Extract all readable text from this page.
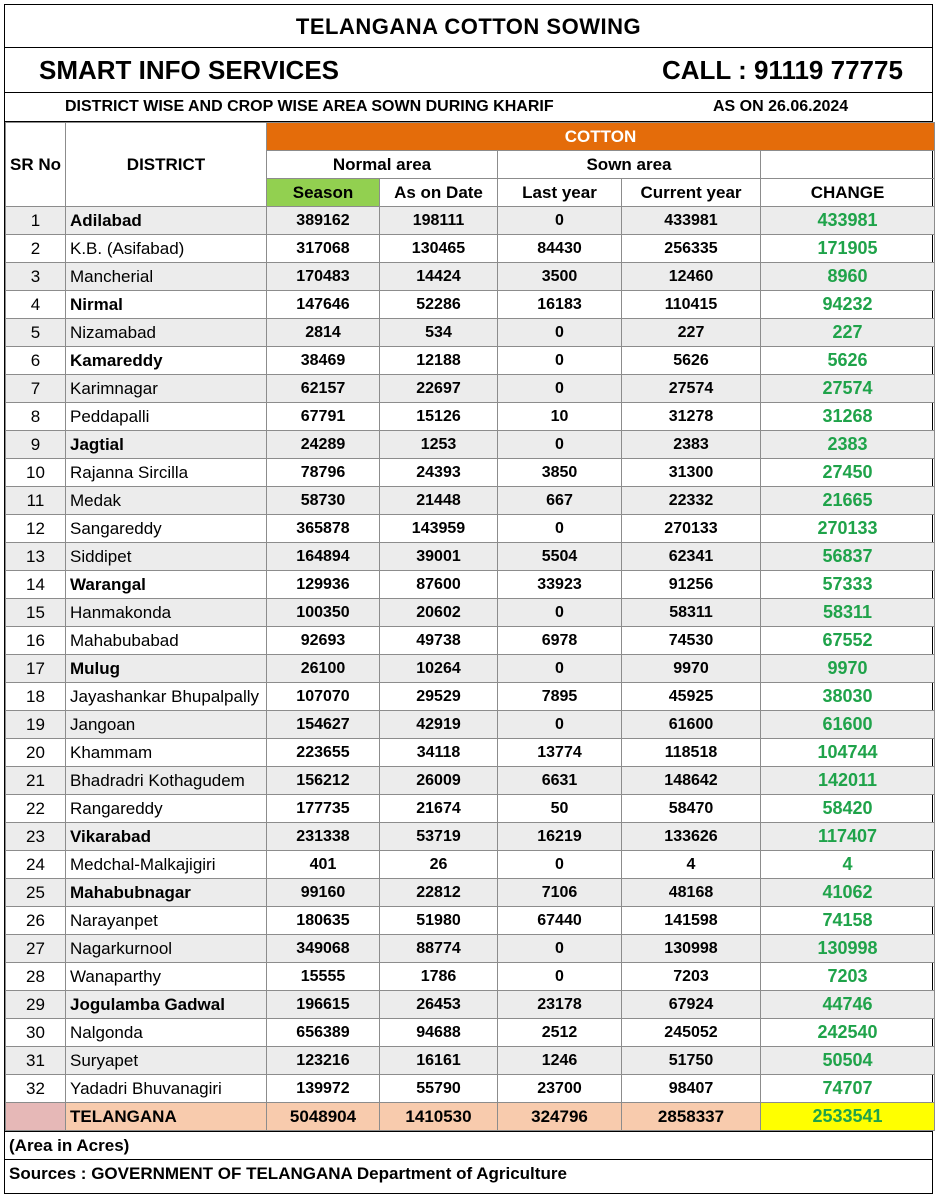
TELANGANA COTTON SOWING
SMART INFO SERVICES	CALL : 91119 77775
DISTRICT WISE AND CROP WISE AREA SOWN DURING KHARIF	AS ON 26.06.2024
SR No	DISTRICT	COTTON				
		Normal area		Sown area		
		Season	As on Date	Last year	Current year	CHANGE
1	Adilabad	389162	198111	0	433981	433981
2	K.B. (Asifabad)	317068	130465	84430	256335	171905
3	Mancherial	170483	14424	3500	12460	8960
4	Nirmal	147646	52286	16183	110415	94232
5	Nizamabad	2814	534	0	227	227
6	Kamareddy	38469	12188	0	5626	5626
7	Karimnagar	62157	22697	0	27574	27574
8	Peddapalli	67791	15126	10	31278	31268
9	Jagtial	24289	1253	0	2383	2383
10	Rajanna Sircilla	78796	24393	3850	31300	27450
11	Medak	58730	21448	667	22332	21665
12	Sangareddy	365878	143959	0	270133	270133
13	Siddipet	164894	39001	5504	62341	56837
14	Warangal	129936	87600	33923	91256	57333
15	Hanmakonda	100350	20602	0	58311	58311
16	Mahabubabad	92693	49738	6978	74530	67552
17	Mulug	26100	10264	0	9970	9970
18	Jayashankar Bhupalpally	107070	29529	7895	45925	38030
19	Jangoan	154627	42919	0	61600	61600
20	Khammam	223655	34118	13774	118518	104744
21	Bhadradri Kothagudem	156212	26009	6631	148642	142011
22	Rangareddy	177735	21674	50	58470	58420
23	Vikarabad	231338	53719	16219	133626	117407
24	Medchal-Malkajigiri	401	26	0	4	4
25	Mahabubnagar	99160	22812	7106	48168	41062
26	Narayanpet	180635	51980	67440	141598	74158
27	Nagarkurnool	349068	88774	0	130998	130998
28	Wanaparthy	15555	1786	0	7203	7203
29	Jogulamba Gadwal	196615	26453	23178	67924	44746
30	Nalgonda	656389	94688	2512	245052	242540
31	Suryapet	123216	16161	1246	51750	50504
32	Yadadri Bhuvanagiri	139972	55790	23700	98407	74707
	TELANGANA	5048904	1410530	324796	2858337	2533541
(Area in Acres)
Sources : GOVERNMENT OF TELANGANA Department of Agriculture
